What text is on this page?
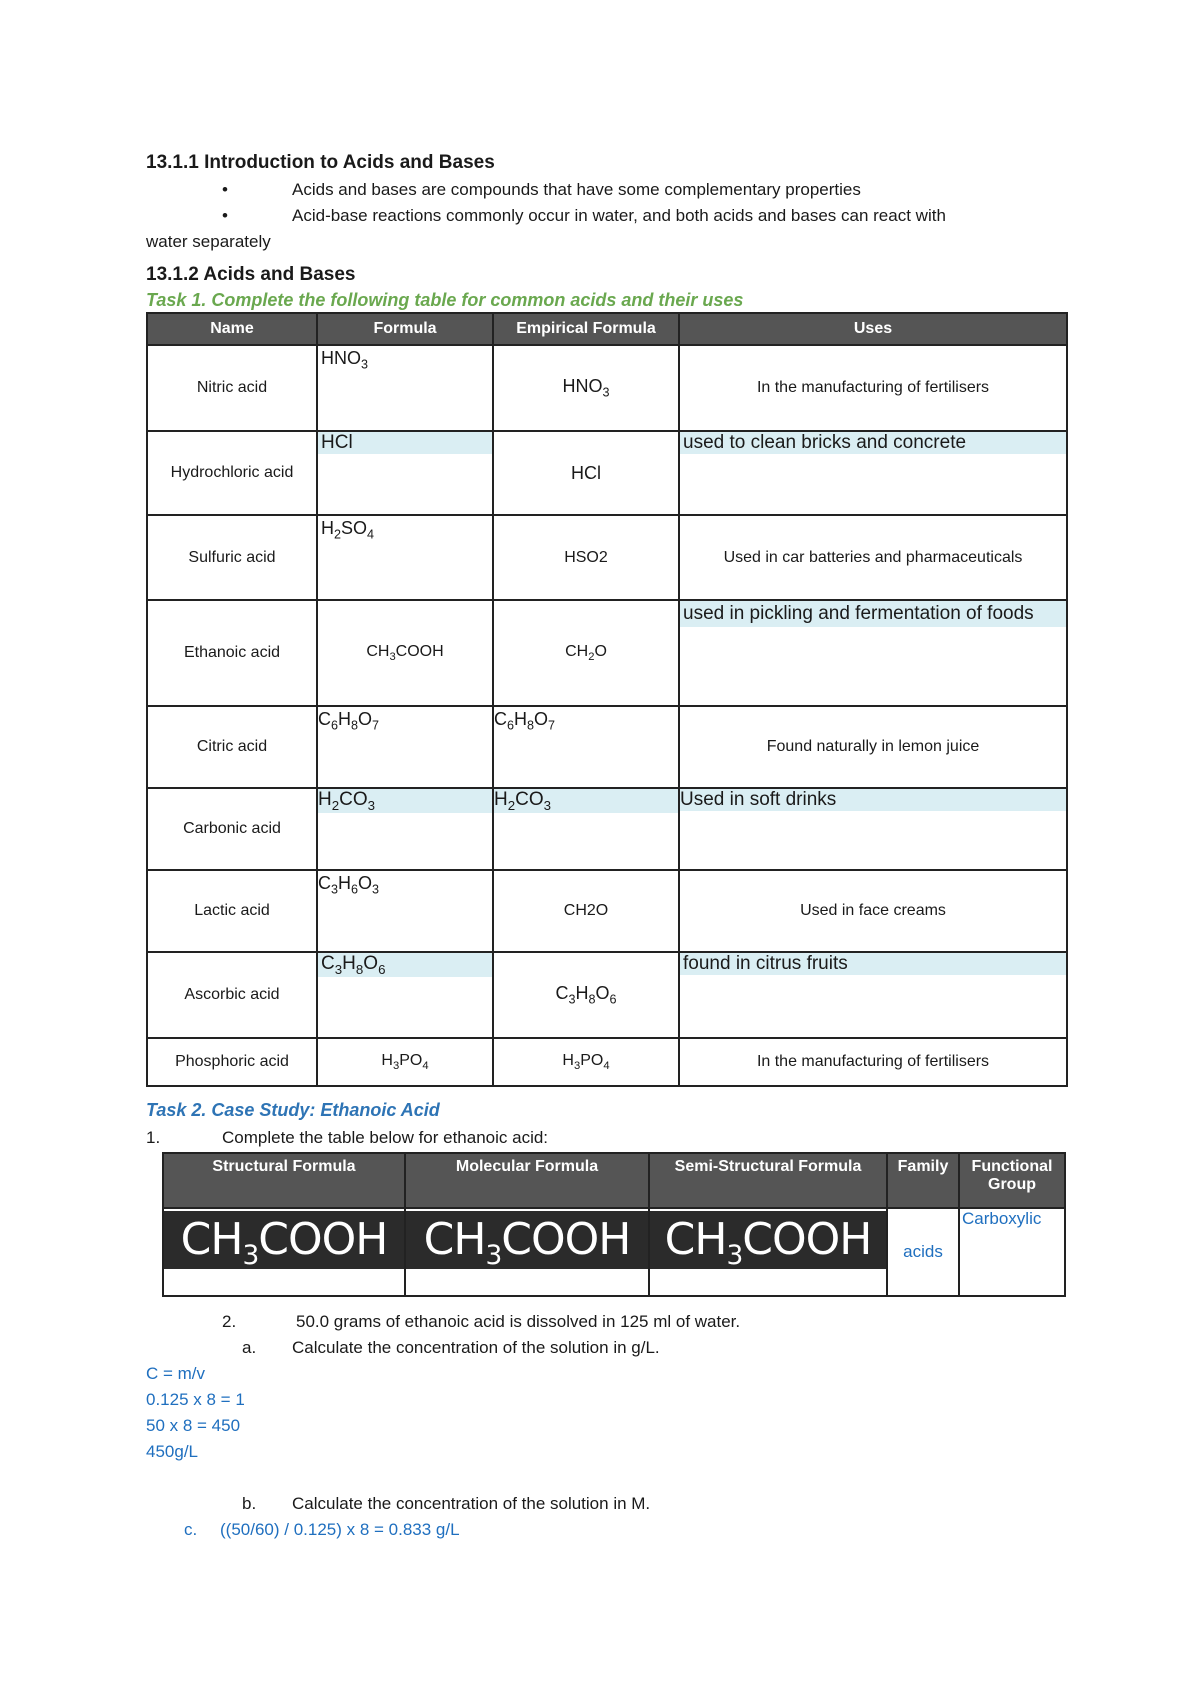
13.1.1 Introduction to Acids and Bases
•	Acids and bases are compounds that have some complementary properties
•	Acid-base reactions commonly occur in water, and both acids and bases can react with
water separately
13.1.2 Acids and Bases
Task 1. Complete the following table for common acids and their uses
Name	Formula	Empirical Formula	Uses
Nitric acid	$HNO_3$	$HNO_3$	In the manufacturing of fertilisers
Hydrochloric acid	HCl	HCl	used to clean bricks and concrete

Sulfuric acid	$H_2SO_4$	HSO2	Used in car batteries and pharmaceuticals
Ethanoic acid	$CH_3COOH$	$CH_2O$	used in pickling and fermentation of foods

Citric acid	$C_6H_8O_7$	$C_6H_8O_7$	Found naturally in lemon juice
Carbonic acid	$H_2CO_3$	$H_2CO_3$	Used in soft drinks

Lactic acid	$C_3H_6O_3$	CH2O	Used in face creams
Ascorbic acid	$C_3H_8O_6$	$C_3H_8O_6$	found in citrus fruits

Phosphoric acid	$H_3PO_4$	$H_3PO_4$	In the manufacturing of fertilisers
Task 2. Case Study: Ethanoic Acid
1.	Complete the table below for ethanoic acid:
Structural Formula	Molecular Formula	Semi-Structural Formula	Family	Functional Group

$CH_3COOH$	$CH_3COOH$	$CH_3COOH$	acids	Carboxylic
2.	50.0 grams of ethanoic acid is dissolved in 125 ml of water.
a. Calculate the concentration of the solution in g/L.
C = m/v
0.125 x 8 = 1
50 x 8 = 450
450g/L
b. Calculate the concentration of the solution in M.
c. ((50/60) / 0.125) x 8 = 0.833 g/L
